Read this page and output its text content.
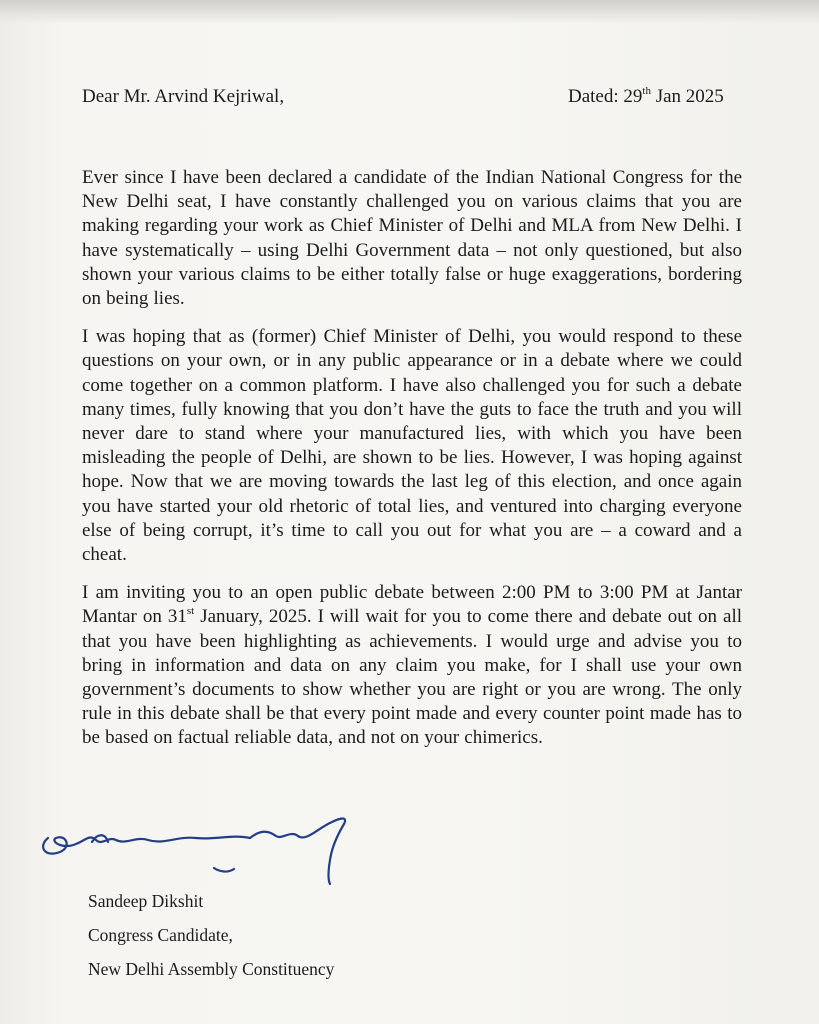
Dear Mr. Arvind Kejriwal,	Dated: 29th Jan 2025

Ever since I have been declared a candidate of the Indian National Congress for the New Delhi seat, I have constantly challenged you on various claims that you are making regarding your work as Chief Minister of Delhi and MLA from New Delhi. I have systematically – using Delhi Government data – not only questioned, but also shown your various claims to be either totally false or huge exaggerations, bordering on being lies.

I was hoping that as (former) Chief Minister of Delhi, you would respond to these questions on your own, or in any public appearance or in a debate where we could come together on a common platform. I have also challenged you for such a debate many times, fully knowing that you don’t have the guts to face the truth and you will never dare to stand where your manufactured lies, with which you have been misleading the people of Delhi, are shown to be lies. However, I was hoping against hope. Now that we are moving towards the last leg of this election, and once again you have started your old rhetoric of total lies, and ventured into charging everyone else of being corrupt, it’s time to call you out for what you are – a coward and a cheat.

I am inviting you to an open public debate between 2:00 PM to 3:00 PM at Jantar Mantar on 31st January, 2025. I will wait for you to come there and debate out on all that you have been highlighting as achievements. I would urge and advise you to bring in information and data on any claim you make, for I shall use your own government’s documents to show whether you are right or you are wrong. The only rule in this debate shall be that every point made and every counter point made has to be based on factual reliable data, and not on your chimerics.

Sandeep Dikshit
Congress Candidate,
New Delhi Assembly Constituency
